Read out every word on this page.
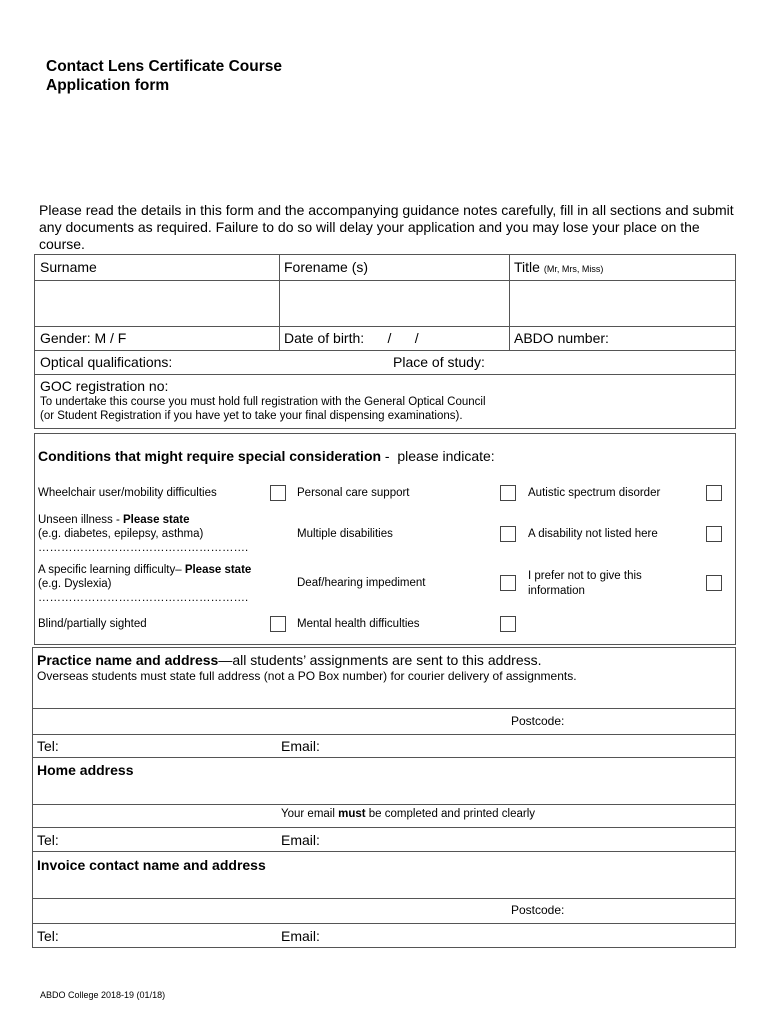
Contact Lens Certificate Course
Application form
Please read the details in this form and the accompanying guidance notes carefully, fill in all sections and submit any documents as required. Failure to do so will delay your application and you may lose your place on the course.
Surname	Forename (s)	Title (Mr, Mrs, Miss)
Gender: M / F	Date of birth:      /      /	ABDO number:
Optical qualifications:	Place of study:
GOC registration no:
To undertake this course you must hold full registration with the General Optical Council
(or Student Registration if you have yet to take your final dispensing examinations).
Conditions that might require special consideration -  please indicate:
Wheelchair user/mobility difficulties	Personal care support	Autistic spectrum disorder
Unseen illness - Please state
(e.g. diabetes, epilepsy, asthma)
……………………………………………….
Multiple disabilities	A disability not listed here
A specific learning difficulty– Please state
(e.g. Dyslexia)
……………………………………………….
Deaf/hearing impediment
I prefer not to give this
information
Blind/partially sighted	Mental health difficulties
Practice name and address—all students’ assignments are sent to this address.
Overseas students must state full address (not a PO Box number) for courier delivery of assignments.
Postcode:
Tel:	Email:
Home address
Your email must be completed and printed clearly
Tel:	Email:
Invoice contact name and address
Postcode:
Tel:	Email:
ABDO College 2018-19 (01/18)
